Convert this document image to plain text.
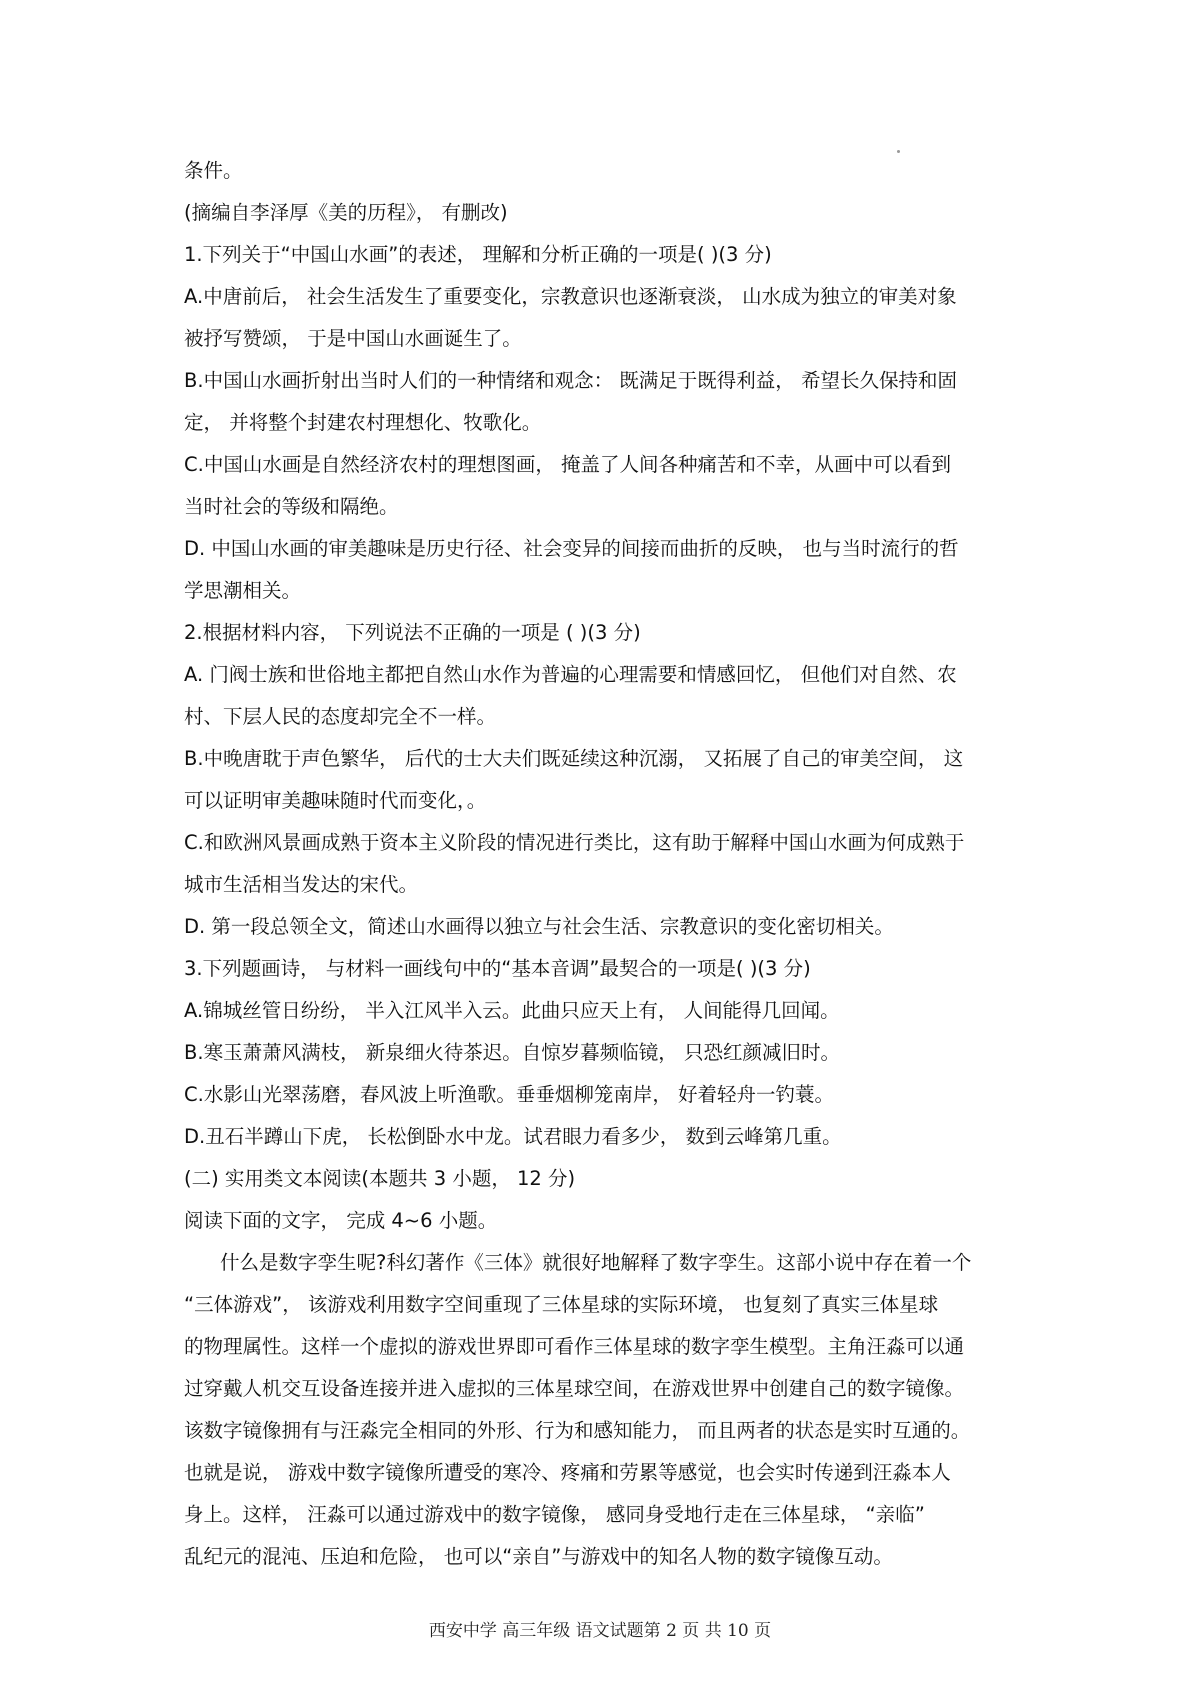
条件。
(摘编自李泽厚《美的历程》， 有删改)
1.下列关于“中国山水画”的表述， 理解和分析正确的一项是( )(3 分)
A.中唐前后， 社会生活发生了重要变化，宗教意识也逐渐衰淡， 山水成为独立的审美对象
被抒写赞颂， 于是中国山水画诞生了。
B.中国山水画折射出当时人们的一种情绪和观念： 既满足于既得利益， 希望长久保持和固
定， 并将整个封建农村理想化、牧歌化。
C.中国山水画是自然经济农村的理想图画， 掩盖了人间各种痛苦和不幸，从画中可以看到
当时社会的等级和隔绝。
D. 中国山水画的审美趣味是历史行径、社会变异的间接而曲折的反映， 也与当时流行的哲
学思潮相关。
2.根据材料内容， 下列说法不正确的一项是 ( )(3 分)
A. 门阀士族和世俗地主都把自然山水作为普遍的心理需要和情感回忆， 但他们对自然、农
村、下层人民的态度却完全不一样。
B.中晚唐耽于声色繁华， 后代的士大夫们既延续这种沉溺， 又拓展了自己的审美空间， 这
可以证明审美趣味随时代而变化，。
C.和欧洲风景画成熟于资本主义阶段的情况进行类比，这有助于解释中国山水画为何成熟于
城市生活相当发达的宋代。
D. 第一段总领全文，简述山水画得以独立与社会生活、宗教意识的变化密切相关。
3.下列题画诗， 与材料一画线句中的“基本音调”最契合的一项是( )(3 分)
A.锦城丝管日纷纷， 半入江风半入云。此曲只应天上有， 人间能得几回闻。
B.寒玉萧萧风满枝， 新泉细火待茶迟。自惊岁暮频临镜， 只恐红颜减旧时。
C.水影山光翠荡磨，春风波上听渔歌。垂垂烟柳笼南岸， 好着轻舟一钓蓑。
D.丑石半蹲山下虎， 长松倒卧水中龙。试君眼力看多少， 数到云峰第几重。
(二) 实用类文本阅读(本题共 3 小题， 12 分)
阅读下面的文字， 完成 4~6 小题。
什么是数字孪生呢?科幻著作《三体》就很好地解释了数字孪生。这部小说中存在着一个
“三体游戏”， 该游戏利用数字空间重现了三体星球的实际环境， 也复刻了真实三体星球
的物理属性。这样一个虚拟的游戏世界即可看作三体星球的数字孪生模型。主角汪淼可以通
过穿戴人机交互设备连接并进入虚拟的三体星球空间，在游戏世界中创建自己的数字镜像。
该数字镜像拥有与汪淼完全相同的外形、行为和感知能力， 而且两者的状态是实时互通的。
也就是说， 游戏中数字镜像所遭受的寒冷、疼痛和劳累等感觉，也会实时传递到汪淼本人
身上。这样， 汪淼可以通过游戏中的数字镜像， 感同身受地行走在三体星球， “亲临”
乱纪元的混沌、压迫和危险， 也可以“亲自”与游戏中的知名人物的数字镜像互动。
西安中学 高三年级 语文试题第 2 页 共 10 页
